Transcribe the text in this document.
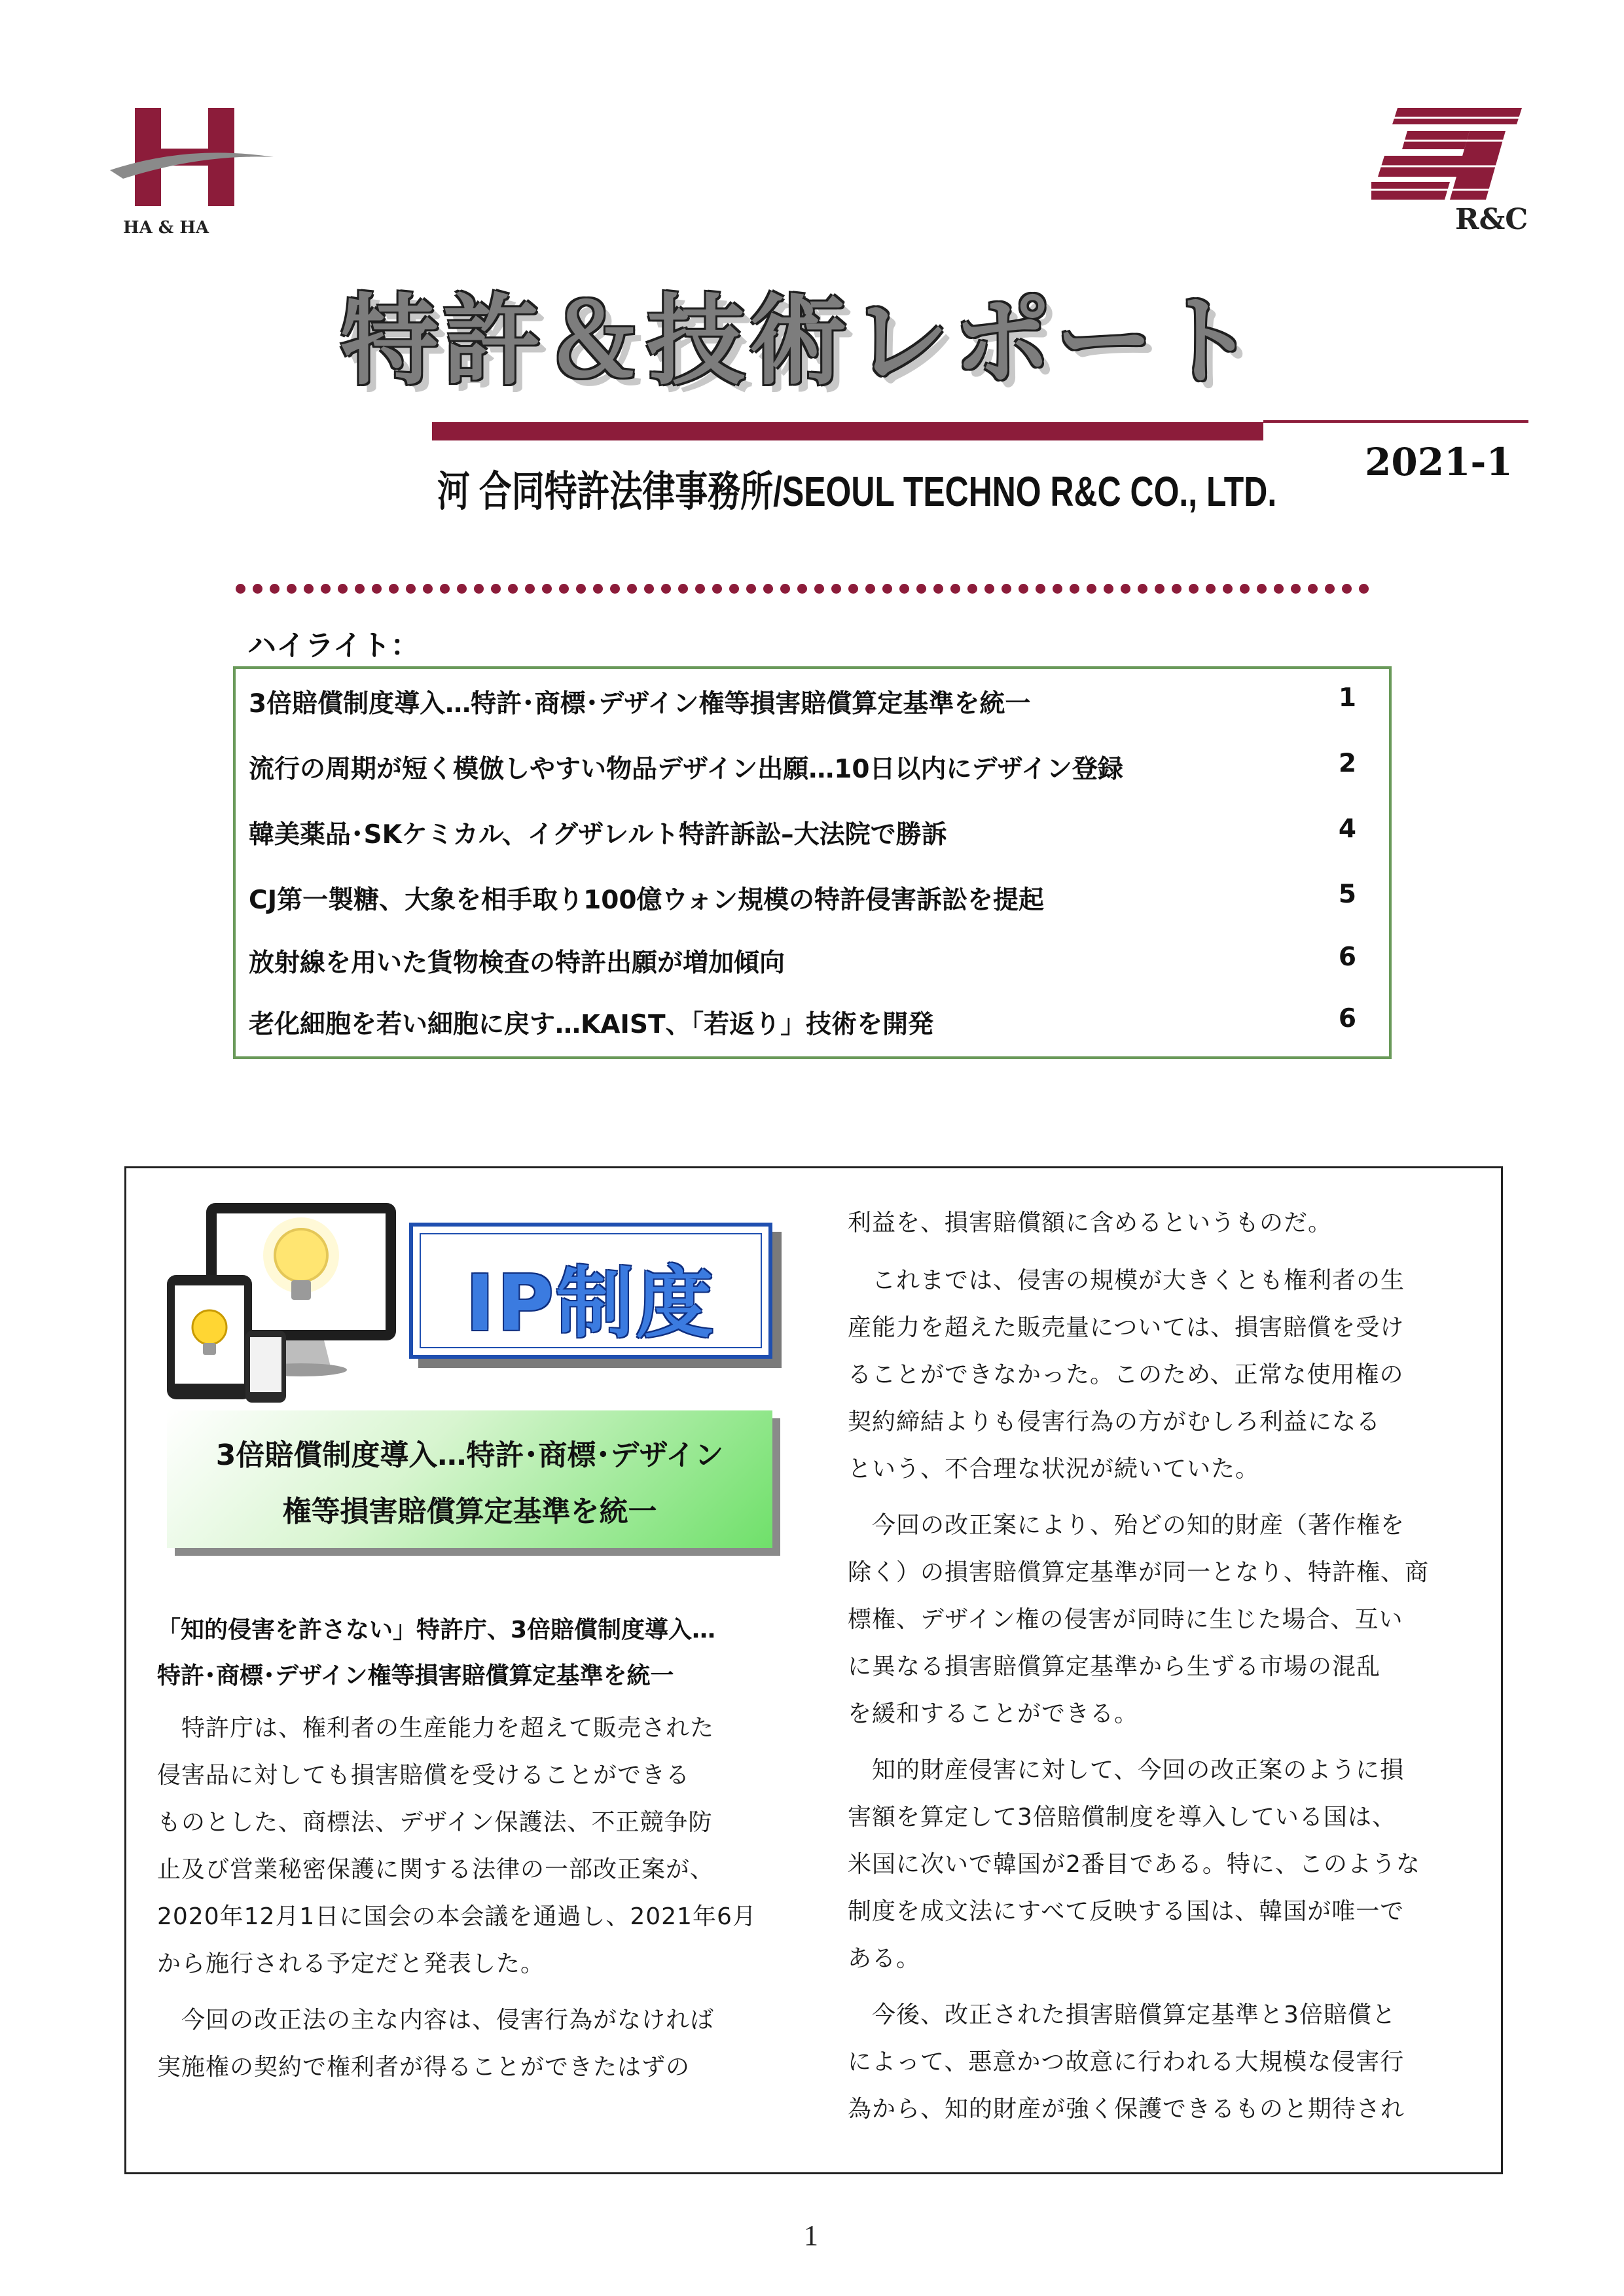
HA & HA	R&C
特許＆技術レポート
河 合同特許法律事務所/SEOUL TECHNO R&C CO., LTD.
2021-1
ハイライト：
3倍賠償制度導入…特許･商標･デザイン権等損害賠償算定基準を統一	1
流行の周期が短く模倣しやすい物品デザイン出願…10日以内にデザイン登録	2
韓美薬品･SKケミカル、イグザレルト特許訴訟–大法院で勝訴	4
CJ第一製糖、大象を相手取り100億ウォン規模の特許侵害訴訟を提起	5
放射線を用いた貨物検査の特許出願が増加傾向	6
老化細胞を若い細胞に戻す…KAIST、「若返り」技術を開発	6
IP制度
3倍賠償制度導入…特許･商標･デザイン
権等損害賠償算定基準を統一
「知的侵害を許さない」特許庁、3倍賠償制度導入…
特許･商標･デザイン権等損害賠償算定基準を統一
　特許庁は、権利者の生産能力を超えて販売された
侵害品に対しても損害賠償を受けることができる
ものとした、商標法、デザイン保護法、不正競争防
止及び営業秘密保護に関する法律の一部改正案が、
2020年12月1日に国会の本会議を通過し、2021年6月
から施行される予定だと発表した。
　今回の改正法の主な内容は、侵害行為がなければ
実施権の契約で権利者が得ることができたはずの
利益を、損害賠償額に含めるというものだ。
　これまでは、侵害の規模が大きくとも権利者の生
産能力を超えた販売量については、損害賠償を受け
ることができなかった。このため、正常な使用権の
契約締結よりも侵害行為の方がむしろ利益になる
という、不合理な状況が続いていた。
　今回の改正案により、殆どの知的財産（著作権を
除く）の損害賠償算定基準が同一となり、特許権、商
標権、デザイン権の侵害が同時に生じた場合、互い
に異なる損害賠償算定基準から生ずる市場の混乱
を緩和することができる。
　知的財産侵害に対して、今回の改正案のように損
害額を算定して3倍賠償制度を導入している国は、
米国に次いで韓国が2番目である。特に、このような
制度を成文法にすべて反映する国は、韓国が唯一で
ある。
　今後、改正された損害賠償算定基準と3倍賠償と
によって、悪意かつ故意に行われる大規模な侵害行
為から、知的財産が強く保護できるものと期待され
1
